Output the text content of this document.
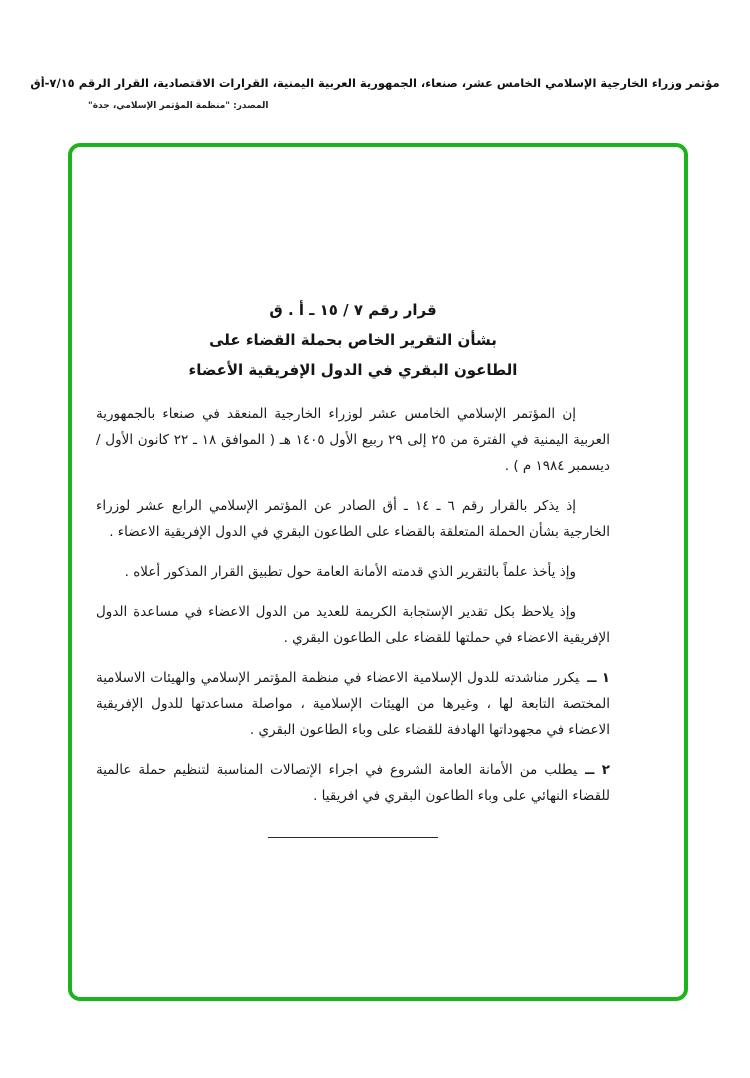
مؤتمر وزراء الخارجية الإسلامي الخامس عشر، صنعاء، الجمهورية العربية اليمنية، القرارات الاقتصادية، القرار الرقم ٧/١٥-أق
المصدر: "منظمة المؤتمر الإسلامي، جدة"
قرار رقم ٧ / ١٥ ـ أ . ق
بشأن التقرير الخاص بحملة القضاء على
الطاعون البقري في الدول الإفريقية الأعضاء

إن المؤتمر الإسلامي الخامس عشر لوزراء الخارجية المنعقد في صنعاء بالجمهورية العربية اليمنية في الفترة من ٢٥ إلى ٢٩ ربيع الأول ١٤٠٥ هـ ( الموافق ١٨ ـ ٢٢ كانون الأول / ديسمبر ١٩٨٤ م ) .

إذ يذكر بالقرار رقم ٦ ـ ١٤ ـ أق الصادر عن المؤتمر الإسلامي الرابع عشر لوزراء الخارجية بشأن الحملة المتعلقة بالقضاء على الطاعون البقري في الدول الإفريقية الاعضاء .

وإذ يأخذ علماً بالتقرير الذي قدمته الأمانة العامة حول تطبيق القرار المذكور أعلاه .

وإذ يلاحظ بكل تقدير الإستجابة الكريمة للعديد من الدول الاعضاء في مساعدة الدول الإفريقية الاعضاء في حملتها للقضاء على الطاعون البقري .

١ ــيكرر مناشدته للدول الإسلامية الاعضاء في منظمة المؤتمر الإسلامي والهيئات الاسلامية المختصة التابعة لها ، وغيرها من الهيئات الإسلامية ، مواصلة مساعدتها للدول الإفريقية الاعضاء في مجهوداتها الهادفة للقضاء على وباء الطاعون البقري .

٢ ــيطلب من الأمانة العامة الشروع في اجراء الإتصالات المناسبة لتنظيم حملة عالمية للقضاء النهائي على وباء الطاعون البقري في افريقيا .
